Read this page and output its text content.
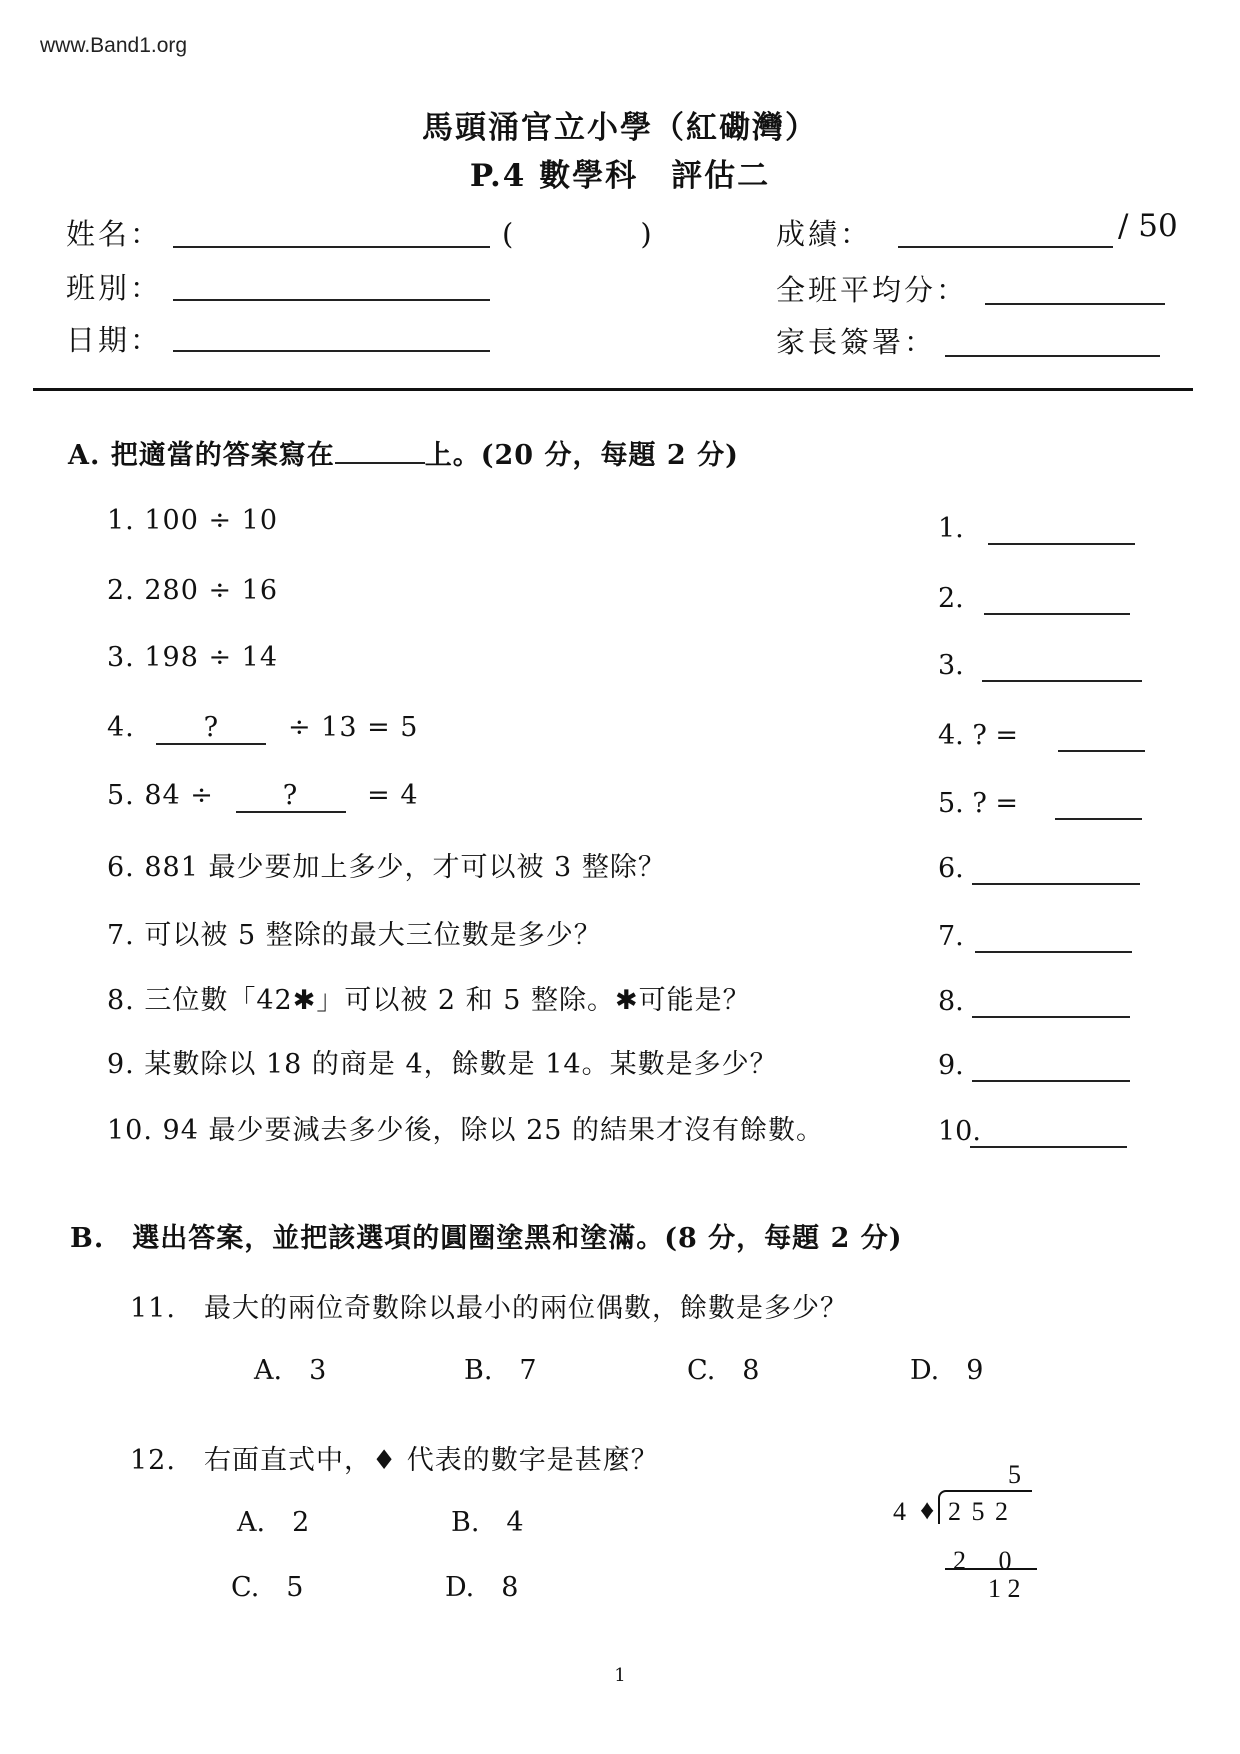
www.Band1.org
馬頭涌官立小學（紅磡灣）
P.4 數學科　評估二
姓名：	(　　　)
班別：
日期：
成績：	/ 50
全班平均分：
家長簽署：
A. 把適當的答案寫在	上。(20 分，每題 2 分)
1. 100 ÷ 10	1.
2. 280 ÷ 16	2.
3. 198 ÷ 14	3.
4.	?	÷ 13 = 5	4. ? =
5. 84 ÷	?	= 4	5. ? =
6. 881 最少要加上多少，才可以被 3 整除？	6.
7. 可以被 5 整除的最大三位數是多少？	7.
8. 三位數「42✱」可以被 2 和 5 整除。✱可能是？	8.
9. 某數除以 18 的商是 4，餘數是 14。某數是多少？	9.
10. 94 最少要減去多少後，除以 25 的結果才沒有餘數。	10.
B.　選出答案，並把該選項的圓圈塗黑和塗滿。(8 分，每題 2 分)
11.　最大的兩位奇數除以最小的兩位偶數，餘數是多少？
A.　3	B.　7	C.　8	D.　9
12.　右面直式中，♦ 代表的數字是甚麼？
A.　2	B.　4
C.　5	D.　8
5
4 ♦ 2 5 2
2　 0
1 2
1
